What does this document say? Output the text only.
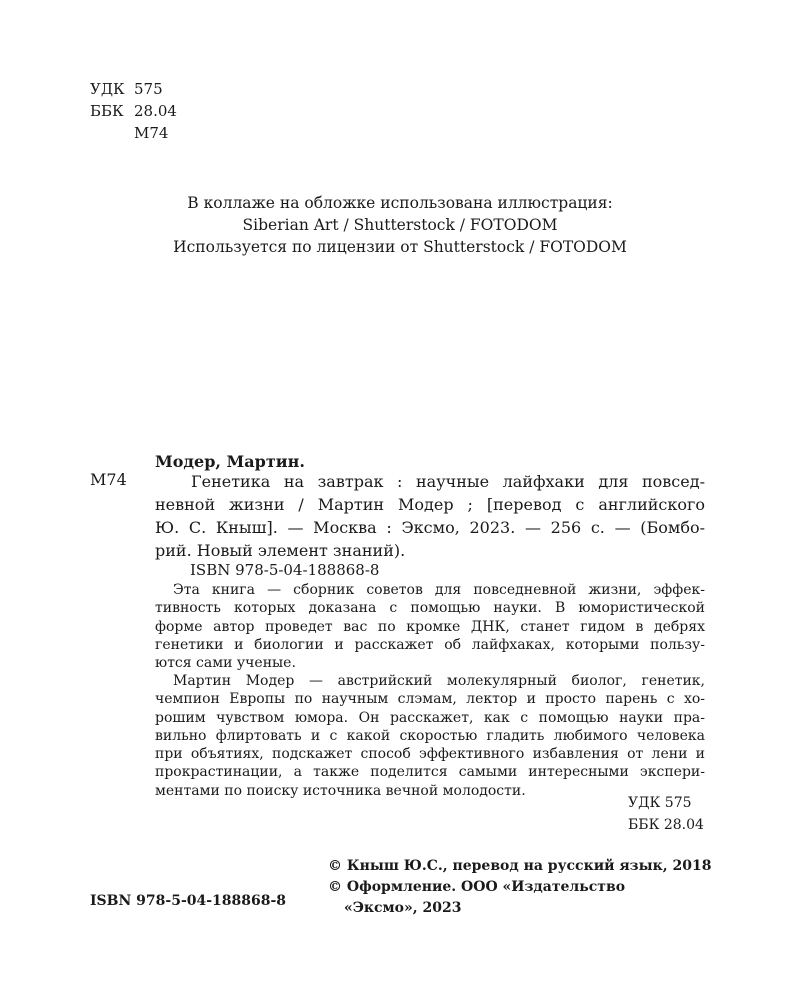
УДК 575
ББК 28.04
М74
В коллаже на обложке использована иллюстрация:
Siberian Art / Shutterstock / FOTODOM
Используется по лицензии от Shutterstock / FOTODOM
Модер, Мартин.
М74	Генетика на завтрак : научные лайфхаки для повсед-
невной жизни / Мартин Модер ; [перевод с английского
Ю. С. Кныш]. — Москва : Эксмо, 2023. — 256 с. — (Бомбо-
рий. Новый элемент знаний).
ISBN 978-5-04-188868-8
Эта книга — сборник советов для повседневной жизни, эффек-
тивность которых доказана с помощью науки. В юмористической
форме автор проведет вас по кромке ДНК, станет гидом в дебрях
генетики и биологии и расскажет об лайфхаках, которыми пользу-
ются сами ученые.
Мартин Модер — австрийский молекулярный биолог, генетик,
чемпион Европы по научным слэмам, лектор и просто парень с хо-
рошим чувством юмора. Он расскажет, как с помощью науки пра-
вильно флиртовать и с какой скоростью гладить любимого человека
при объятиях, подскажет способ эффективного избавления от лени и
прокрастинации, а также поделится самыми интересными экспери-
ментами по поиску источника вечной молодости.
УДК 575
ББК 28.04
© Кныш Ю.С., перевод на русский язык, 2018
© Оформление. ООО «Издательство
«Эксмо», 2023
ISBN 978-5-04-188868-8
